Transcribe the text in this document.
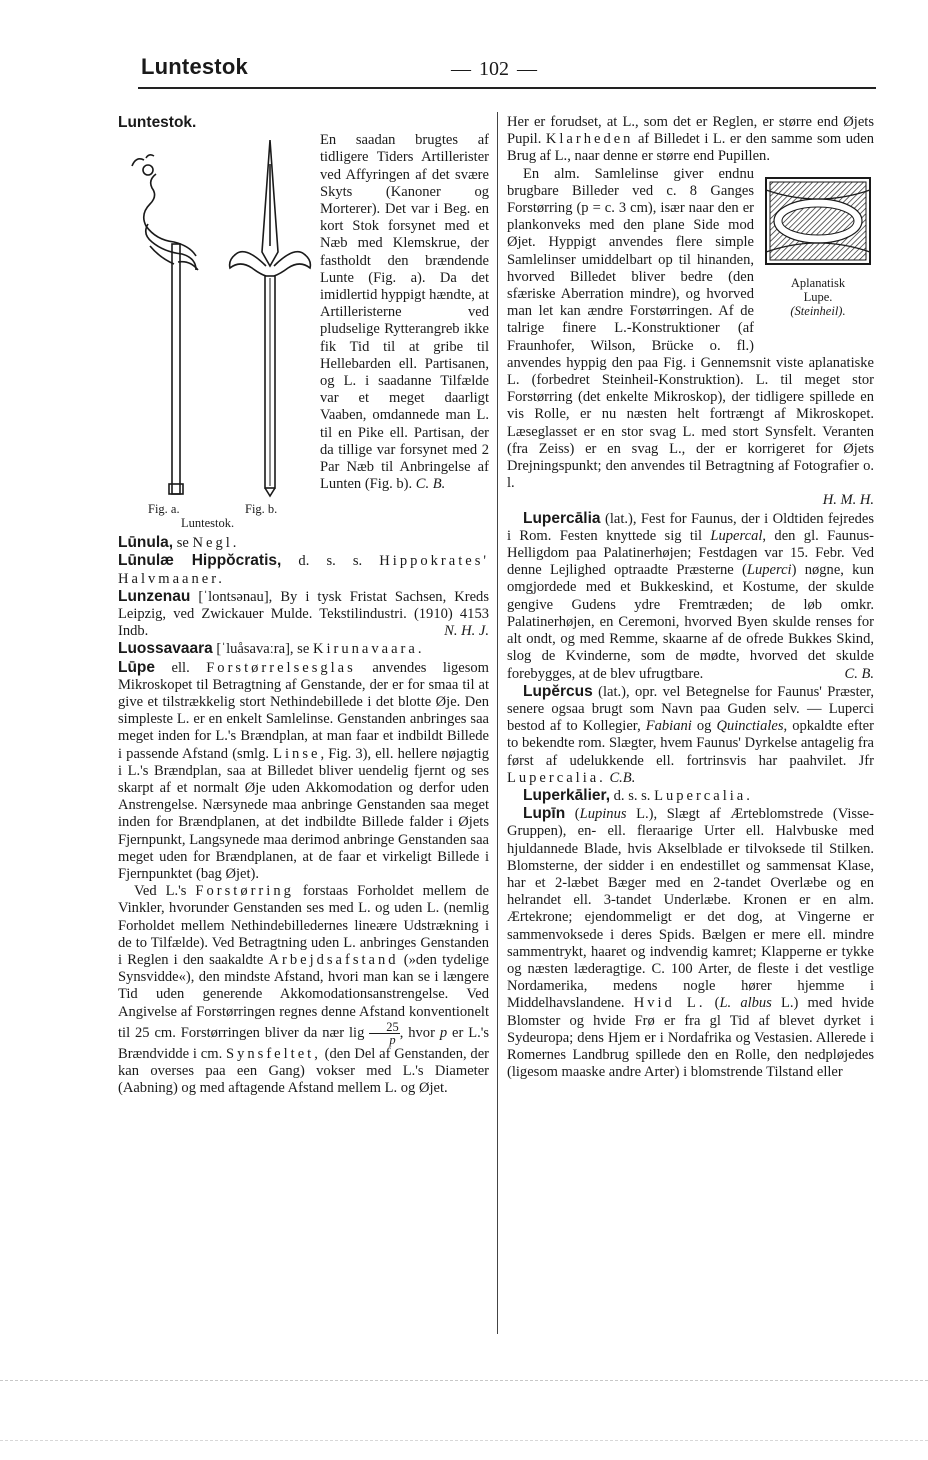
Luntestok	— 102 —

Luntestok.

Fig. a.	Fig. b.
Luntestok.

En saadan brugtes af tidligere Tiders Artillerister ved Affyringen af det svære Skyts (Kanoner og Morterer). Det var i Beg. en kort Stok forsynet med et Næb med Klemskrue, der fastholdt den brændende Lunte (Fig. a). Da det imidlertid hyppigt hændte, at Artilleristerne ved pludselige Rytterangreb ikke fik Tid til at gribe til Hellebarden ell. Partisanen, og L. i saadanne Tilfælde var et meget daarligt Vaaben, omdannede man L. til en Pike ell. Partisan, der da tillige var forsynet med 2 Par Næb til Anbringelse af Lunten (Fig. b). C. B.

Lūnula, se Negl.

Lūnulæ Hippŏcratis, d. s. s. Hippokrates' Halvmaaner.

Lunzenau [ˈlontsənau], By i tysk Fristat Sachsen, Kreds Leipzig, ved Zwickauer Mulde. Tekstilindustri. (1910) 4153 Indb.	N. H. J.

Luossavaara [ˈluåsavaːra], se Kirunavaara.

Lūpe ell. Forstørrelsesglas anvendes ligesom Mikroskopet til Betragtning af Genstande, der er for smaa til at give et tilstrækkelig stort Nethindebillede i det blotte Øje. Den simpleste L. er en enkelt Samlelinse. Genstanden anbringes saa meget inden for L.'s Brændplan, at man faar et indbildt Billede i passende Afstand (smlg. Linse, Fig. 3), ell. hellere nøjagtig i L.'s Brændplan, saa at Billedet bliver uendelig fjernt og ses skarpt af et normalt Øje uden Akkomodation og derfor uden Anstrengelse. Nærsynede maa anbringe Genstanden saa meget inden for Brændplanen, at det indbildte Billede falder i Øjets Fjernpunkt, Langsynede maa derimod anbringe Genstanden saa meget uden for Brændplanen, at de faar et virkeligt Billede i Fjernpunktet (bag Øjet).

Ved L.'s Forstørring forstaas Forholdet mellem de Vinkler, hvorunder Genstanden ses med L. og uden L. (nemlig Forholdet mellem Nethindebilledernes lineære Udstrækning i de to Tilfælde). Ved Betragtning uden L. anbringes Genstanden i Reglen i den saakaldte Arbejdsafstand (»den tydelige Synsvidde«), den mindste Afstand, hvori man kan se i længere Tid uden generende Akkomodationsanstrengelse. Ved Angivelse af Forstørringen regnes denne Afstand konventionelt til 25 cm. Forstørringen bliver da nær lig $\frac{25}{p}$ , hvor p er L.'s Brændvidde i cm. Synsfeltet, (den Del af Genstanden, der kan overses paa een Gang) vokser med L.'s Diameter (Aabning) og med aftagende Afstand mellem L. og Øjet.

Her er forudset, at L., som det er Reglen, er større end Øjets Pupil. Klarheden af Billedet i L. er den samme som uden Brug af L., naar denne er større end Pupillen.

Aplanatisk
Lupe.
(Steinheil).

En alm. Samlelinse giver endnu brugbare Billeder ved c. 8 Ganges Forstørring (p = c. 3 cm), især naar den er plankonveks med den plane Side mod Øjet. Hyppigt anvendes flere simple Samlelinser umiddelbart op til hinanden, hvorved Billedet bliver bedre (den sfæriske Aberration mindre), og hvorved man let kan ændre Forstørringen. Af de talrige finere L.-Konstruktioner (af Fraunhofer, Wilson, Brücke o. fl.) anvendes hyppig den paa Fig. i Gennemsnit viste aplanatiske L. (forbedret Steinheil-Konstruktion). L. til meget stor Forstørring (det enkelte Mikroskop), der tidligere spillede en vis Rolle, er nu næsten helt fortrængt af Mikroskopet. Læseglasset er en stor svag L. med stort Synsfelt. Veranten (fra Zeiss) er en svag L., der er korrigeret for Øjets Drejningspunkt; den anvendes til Betragtning af Fotografier o. l.

H. M. H.

Lupercālia (lat.), Fest for Faunus, der i Oldtiden fejredes i Rom. Festen knyttede sig til Lupercal, den gl. Faunus-Helligdom paa Palatinerhøjen; Festdagen var 15. Febr. Ved denne Lejlighed optraadte Præsterne (Luperci) nøgne, kun omgjordede med et Bukkeskind, et Kostume, der skulde gengive Gudens ydre Fremtræden; de løb omkr. Palatinerhøjen, en Ceremoni, hvorved Byen skulde renses for alt ondt, og med Remme, skaarne af de ofrede Bukkes Skind, slog de Kvinderne, som de mødte, hvorved det skulde forebygges, at de blev ufrugtbare.	C. B.

Lupĕrcus (lat.), opr. vel Betegnelse for Faunus' Præster, senere ogsaa brugt som Navn paa Guden selv. — Luperci bestod af to Kollegier, Fabiani og Quinctiales, opkaldte efter to bekendte rom. Slægter, hvem Faunus' Dyrkelse antagelig fra først af udelukkende ell. fortrinsvis har paahvilet. Jfr Lupercalia. C.B.

Luperkālier, d. s. s. Lupercalia.

Lupīn (Lupinus L.), Slægt af Ærteblomstrede (Visse-Gruppen), en- ell. fleraarige Urter ell. Halvbuske med hjuldannede Blade, hvis Akselblade er tilvoksede til Stilken. Blomsterne, der sidder i en endestillet og sammensat Klase, har et 2-læbet Bæger med en 2-tandet Overlæbe og en helrandet ell. 3-tandet Underlæbe. Kronen er en alm. Ærtekrone; ejendommeligt er det dog, at Vingerne er sammenvoksede i deres Spids. Bælgen er mere ell. mindre sammentrykt, haaret og indvendig kamret; Klapperne er tykke og næsten læderagtige. C. 100 Arter, de fleste i det vestlige Nordamerika, medens nogle hører hjemme i Middelhavslandene. Hvid L. (L. albus L.) med hvide Blomster og hvide Frø er fra gl Tid af blevet dyrket i Sydeuropa; dens Hjem er i Nordafrika og Vestasien. Allerede i Romernes Landbrug spillede den en Rolle, den nedpløjedes (ligesom maaske andre Arter) i blomstrende Tilstand eller
